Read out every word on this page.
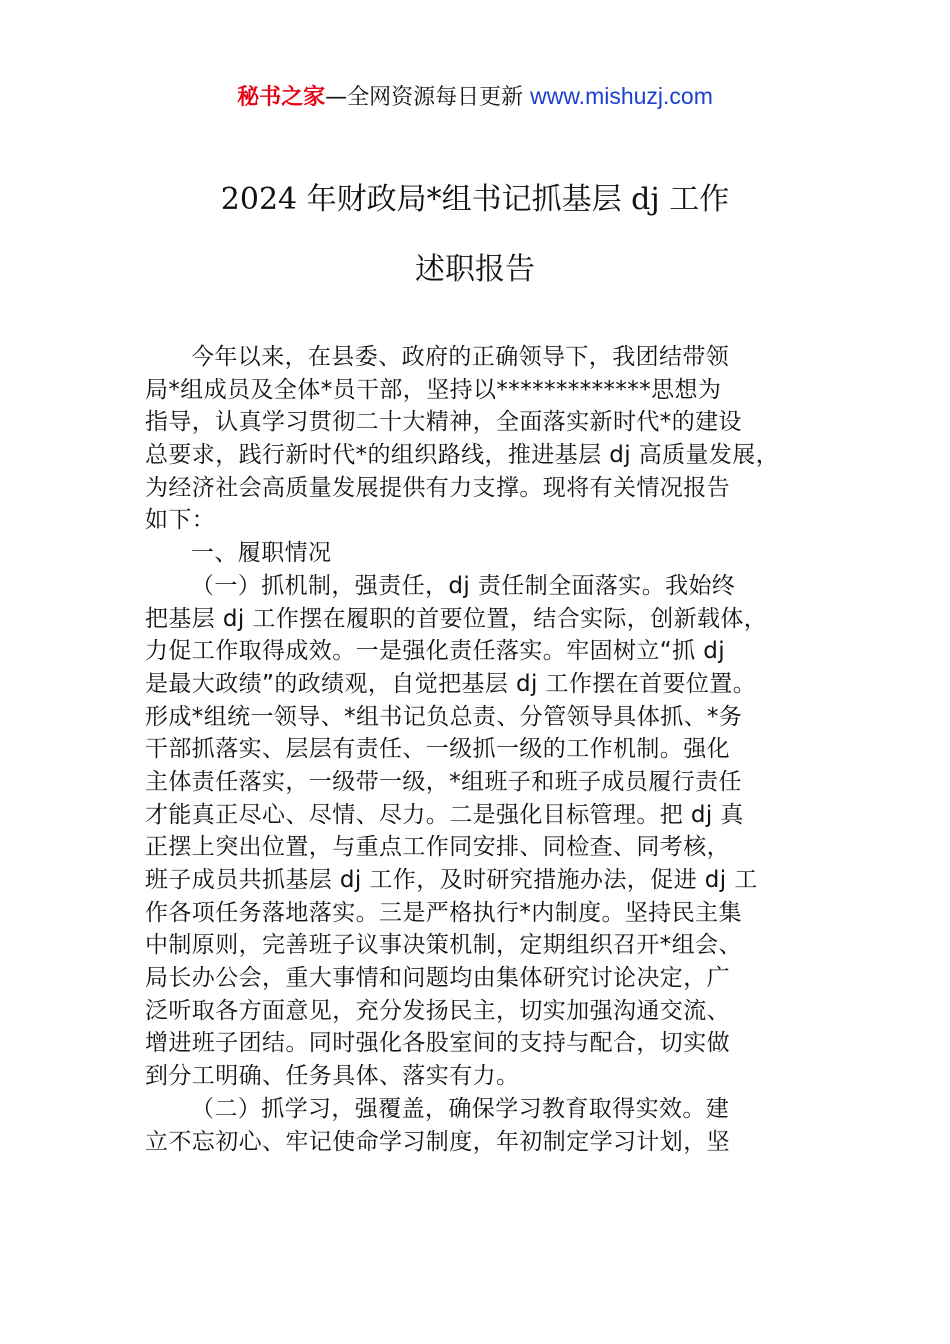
秘书之家—全网资源每日更新 www.mishuzj.com
2024 年财政局*组书记抓基层 dj 工作
述职报告
今年以来，在县委、政府的正确领导下，我团结带领
局*组成员及全体*员干部，坚持以*************思想为
指导，认真学习贯彻二十大精神，全面落实新时代*的建设
总要求，践行新时代*的组织路线，推进基层 dj 高质量发展，
为经济社会高质量发展提供有力支撑。现将有关情况报告
如下：
一、履职情况
（一）抓机制，强责任，dj 责任制全面落实。我始终
把基层 dj 工作摆在履职的首要位置，结合实际，创新载体，
力促工作取得成效。一是强化责任落实。牢固树立“抓 dj
是最大政绩”的政绩观，自觉把基层 dj 工作摆在首要位置。
形成*组统一领导、*组书记负总责、分管领导具体抓、*务
干部抓落实、层层有责任、一级抓一级的工作机制。强化
主体责任落实，一级带一级，*组班子和班子成员履行责任
才能真正尽心、尽情、尽力。二是强化目标管理。把 dj 真
正摆上突出位置，与重点工作同安排、同检查、同考核，
班子成员共抓基层 dj 工作，及时研究措施办法，促进 dj 工
作各项任务落地落实。三是严格执行*内制度。坚持民主集
中制原则，完善班子议事决策机制，定期组织召开*组会、
局长办公会，重大事情和问题均由集体研究讨论决定，广
泛听取各方面意见，充分发扬民主，切实加强沟通交流、
增进班子团结。同时强化各股室间的支持与配合，切实做
到分工明确、任务具体、落实有力。
（二）抓学习，强覆盖，确保学习教育取得实效。建
立不忘初心、牢记使命学习制度，年初制定学习计划，坚
